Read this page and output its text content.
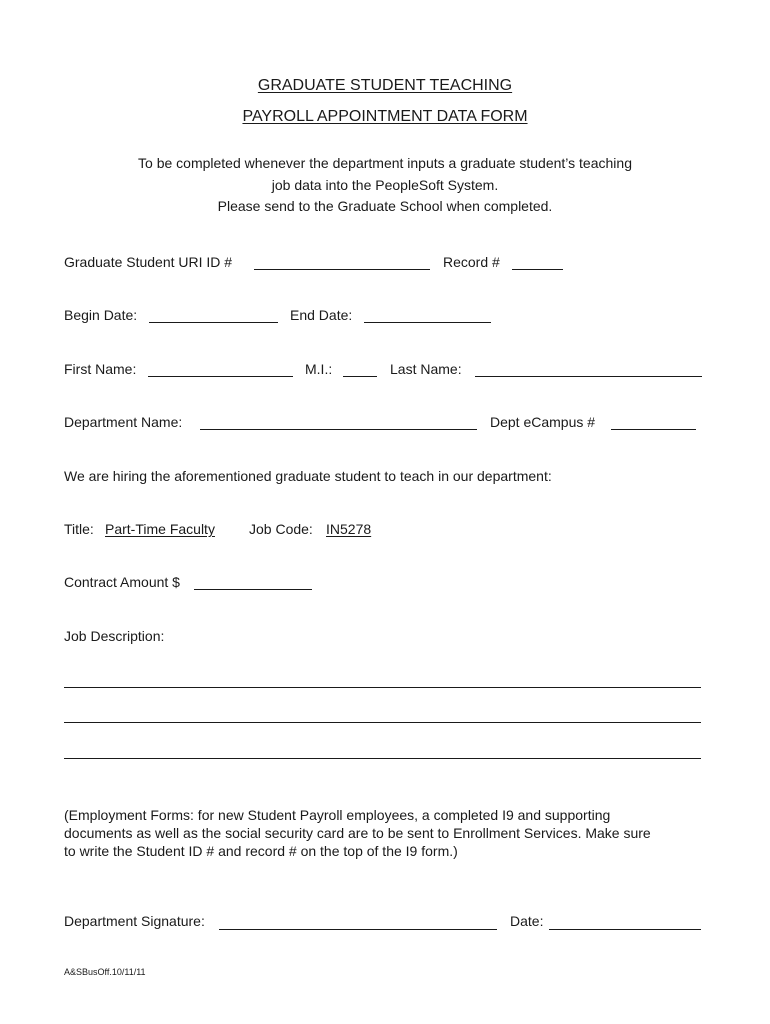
GRADUATE STUDENT TEACHING
PAYROLL APPOINTMENT DATA FORM
To be completed whenever the department inputs a graduate student’s teaching
job data into the PeopleSoft System.
Please send to the Graduate School when completed.
Graduate Student URI ID #	Record #
Begin Date:	End Date:
First Name:	M.I.:	Last Name:
Department Name:	Dept eCampus #
We are hiring the aforementioned graduate student to teach in our department:
Title: Part-Time Faculty Job Code: IN5278
Contract Amount $
Job Description:
(Employment Forms: for new Student Payroll employees, a completed I9 and supporting
documents as well as the social security card are to be sent to Enrollment Services. Make sure
to write the Student ID # and record # on the top of the I9 form.)
Department Signature:	Date:
A&SBusOff.10/11/11
